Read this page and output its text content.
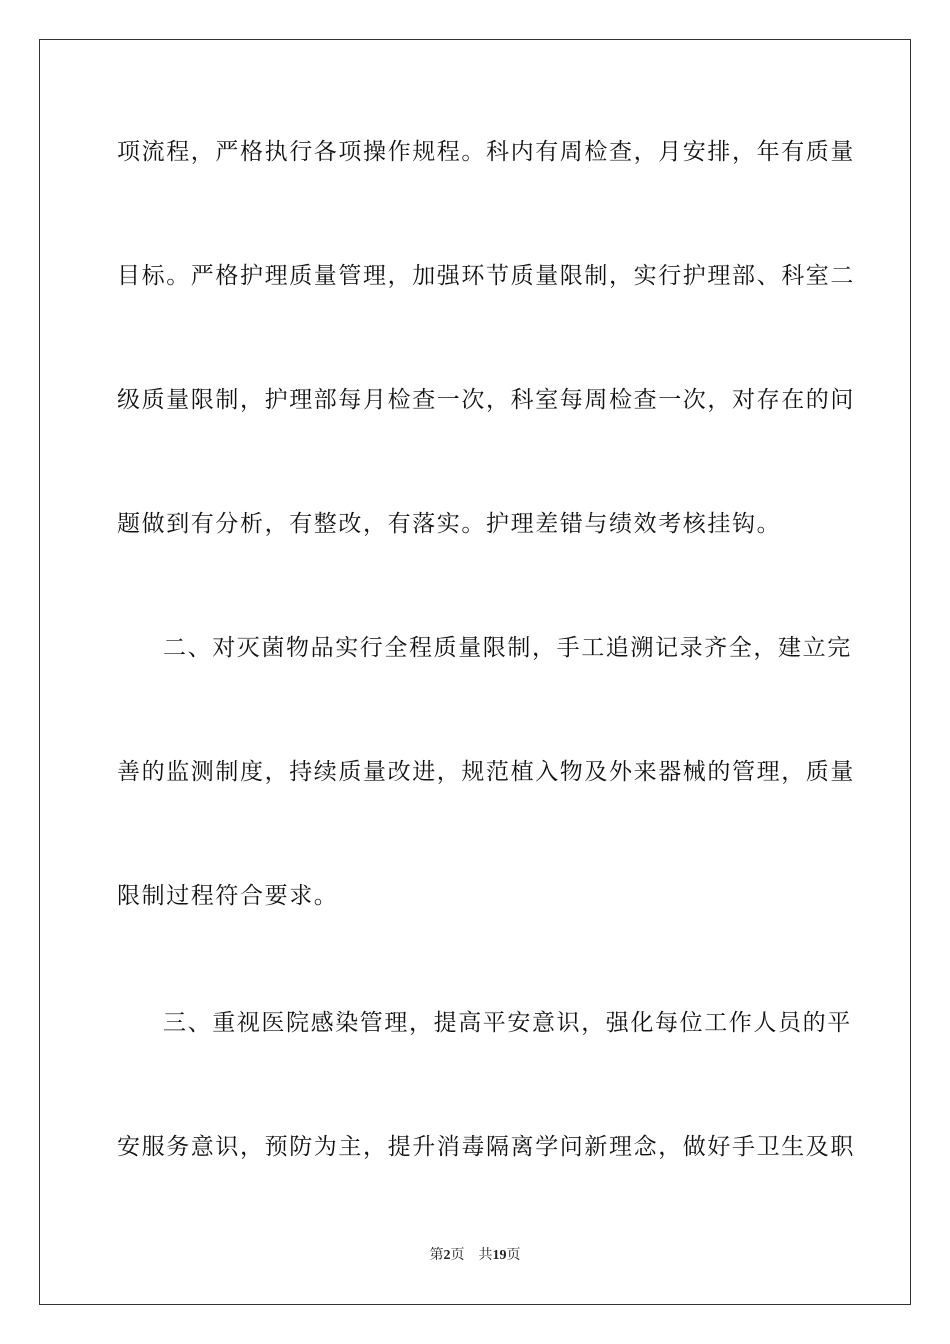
项流程，严格执行各项操作规程。科内有周检查，月安排，年有质量
目标。严格护理质量管理，加强环节质量限制，实行护理部、科室二
级质量限制，护理部每月检查一次，科室每周检查一次，对存在的问
题做到有分析，有整改，有落实。护理差错与绩效考核挂钩。
二、对灭菌物品实行全程质量限制，手工追溯记录齐全，建立完
善的监测制度，持续质量改进，规范植入物及外来器械的管理，质量
限制过程符合要求。
三、重视医院感染管理，提高平安意识，强化每位工作人员的平
安服务意识，预防为主，提升消毒隔离学问新理念，做好手卫生及职
第2页 共19页
